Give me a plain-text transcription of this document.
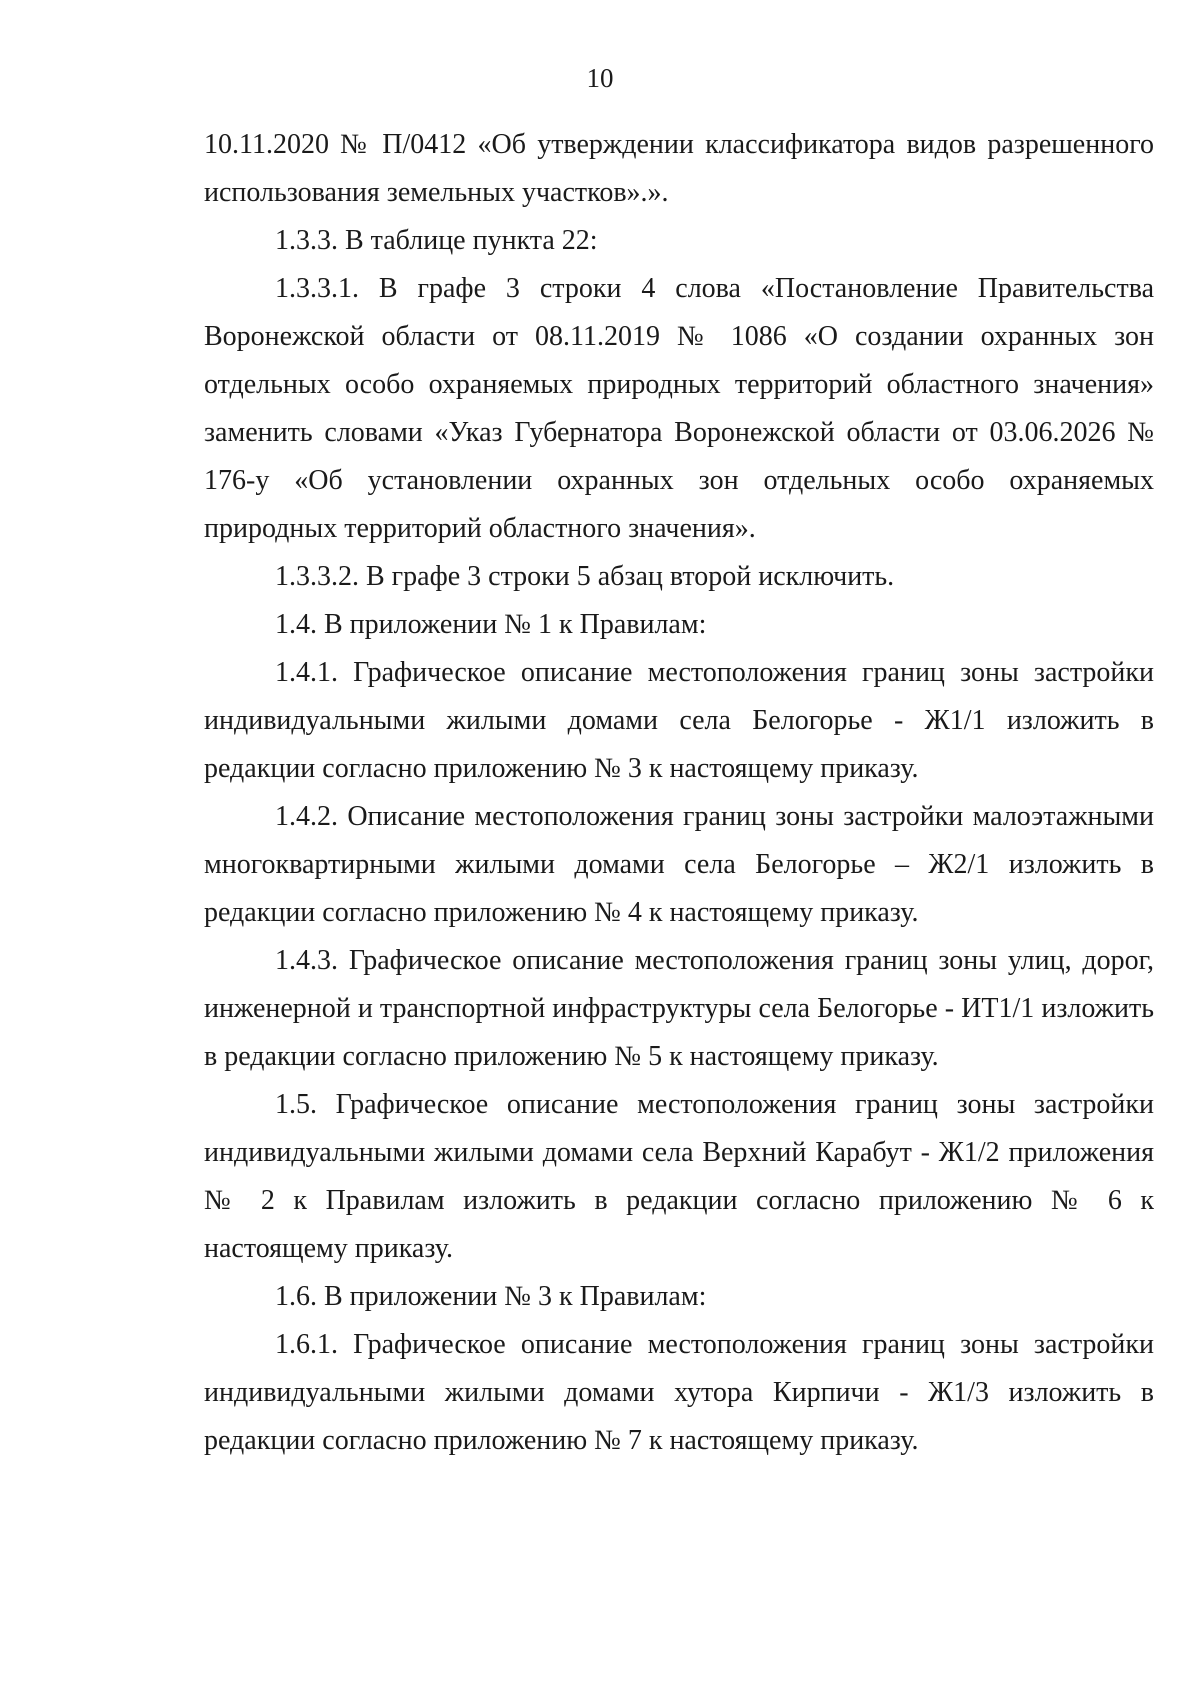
10

10.11.2020 № П/0412 «Об утверждении классификатора видов разрешенного использования земельных участков».».

1.3.3. В таблице пункта 22:

1.3.3.1. В графе 3 строки 4 слова «Постановление Правительства Воронежской области от 08.11.2019 № 1086 «О создании охранных зон отдельных особо охраняемых природных территорий областного значения» заменить словами «Указ Губернатора Воронежской области от 03.06.2026 № 176-у «Об установлении охранных зон отдельных особо охраняемых природных территорий областного значения».

1.3.3.2. В графе 3 строки 5 абзац второй исключить.

1.4. В приложении № 1 к Правилам:

1.4.1. Графическое описание местоположения границ зоны застройки индивидуальными жилыми домами села Белогорье - Ж1/1 изложить в редакции согласно приложению № 3 к настоящему приказу.

1.4.2. Описание местоположения границ зоны застройки малоэтажными многоквартирными жилыми домами села Белогорье – Ж2/1 изложить в редакции согласно приложению № 4 к настоящему приказу.

1.4.3. Графическое описание местоположения границ зоны улиц, дорог, инженерной и транспортной инфраструктуры села Белогорье - ИТ1/1 изложить в редакции согласно приложению № 5 к настоящему приказу.

1.5. Графическое описание местоположения границ зоны застройки индивидуальными жилыми домами села Верхний Карабут - Ж1/2 приложения № 2 к Правилам изложить в редакции согласно приложению № 6 к настоящему приказу.

1.6. В приложении № 3 к Правилам:

1.6.1. Графическое описание местоположения границ зоны застройки индивидуальными жилыми домами хутора Кирпичи - Ж1/3 изложить в редакции согласно приложению № 7 к настоящему приказу.
